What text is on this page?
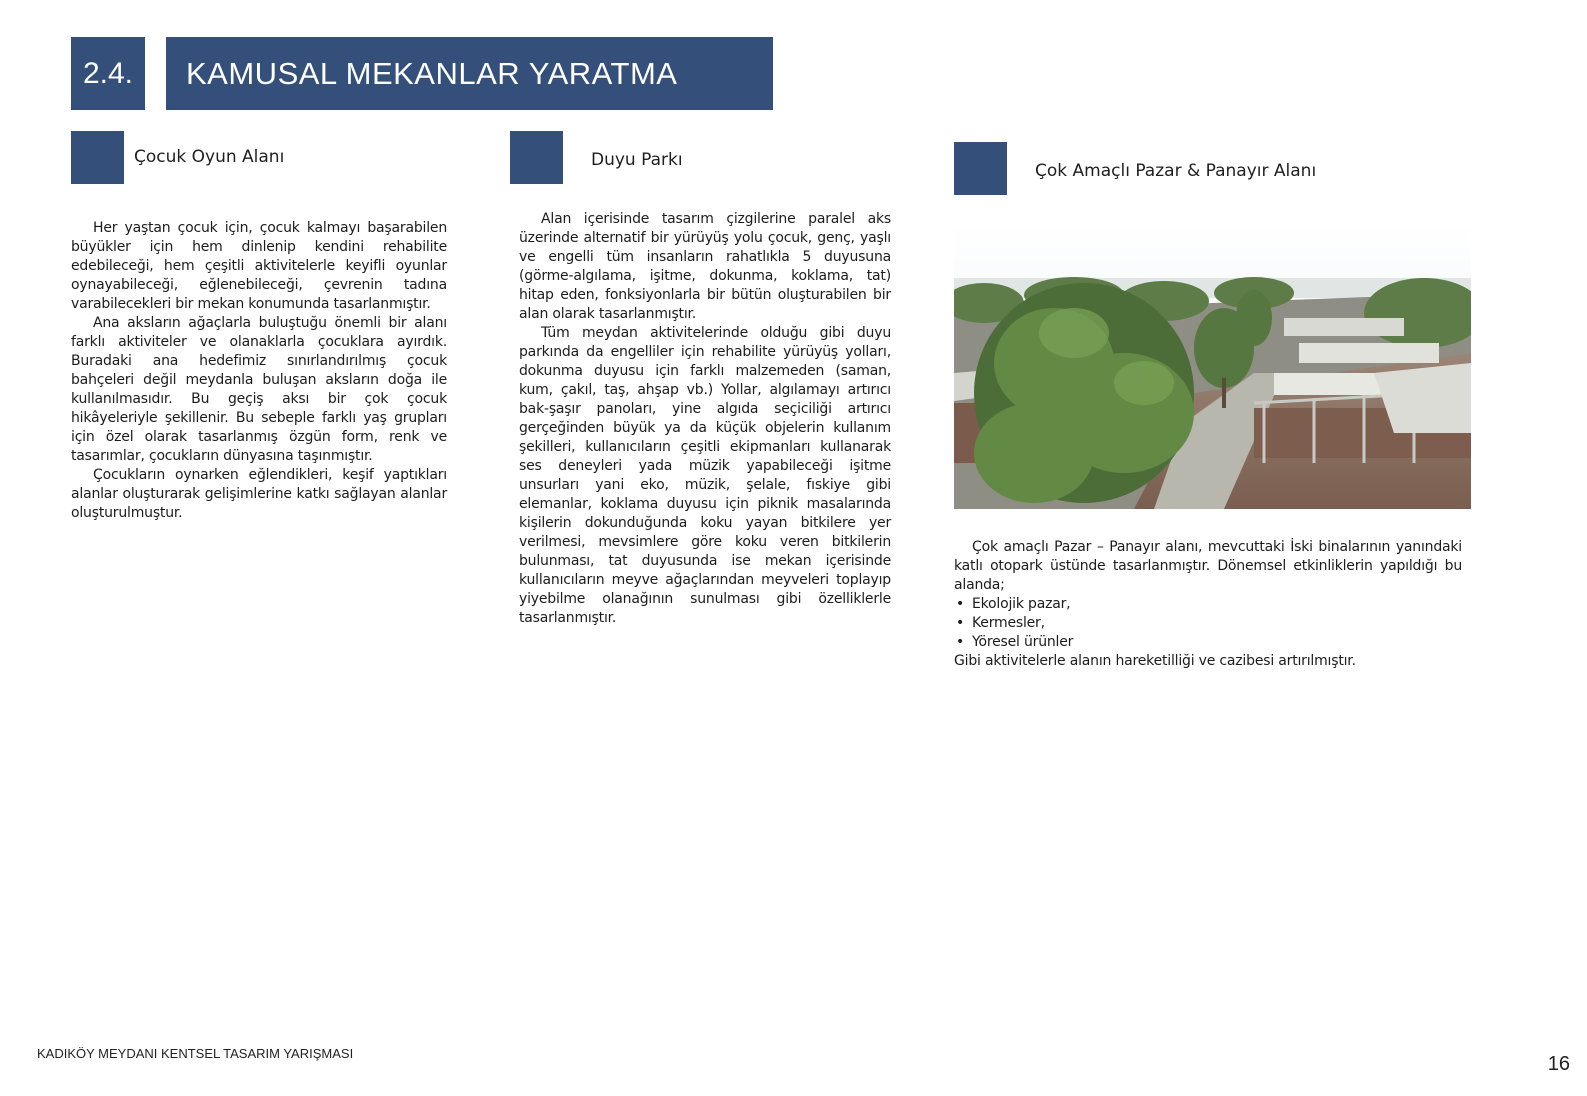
2.4. KAMUSAL MEKANLAR YARATMA
Çocuk Oyun Alanı

Her yaştan çocuk için, çocuk kalmayı başarabilen büyükler için hem dinlenip kendini rehabilite edebileceği, hem çeşitli aktivitelerle keyifli oyunlar oynayabileceği, eğlenebileceği, çevrenin tadına varabilecekleri bir mekan konumunda tasarlanmıştır.

Ana aksların ağaçlarla buluştuğu önemli bir alanı farklı aktiviteler ve olanaklarla çocuklara ayırdık. Buradaki ana hedefimiz sınırlandırılmış çocuk bahçeleri değil meydanla buluşan aksların doğa ile kullanılmasıdır. Bu geçiş aksı bir çok çocuk hikâyeleriyle şekillenir. Bu sebeple farklı yaş grupları için özel olarak tasarlanmış özgün form, renk ve tasarımlar, çocukların dünyasına taşınmıştır.

Çocukların oynarken eğlendikleri, keşif yaptıkları alanlar oluşturarak gelişimlerine katkı sağlayan alanlar oluşturulmuştur.

Duyu Parkı

Alan içerisinde tasarım çizgilerine paralel aks üzerinde alternatif bir yürüyüş yolu çocuk, genç, yaşlı ve engelli tüm insanların rahatlıkla 5 duyusuna (görme-algılama, işitme, dokunma, koklama, tat) hitap eden, fonksiyonlarla bir bütün oluşturabilen bir alan olarak tasarlanmıştır.

Tüm meydan aktivitelerinde olduğu gibi duyu parkında da engelliler için rehabilite yürüyüş yolları, dokunma duyusu için farklı malzemeden (saman, kum, çakıl, taş, ahşap vb.) Yollar, algılamayı artırıcı bak-şaşır panoları, yine algıda seçiciliği artırıcı gerçeğinden büyük ya da küçük objelerin kullanım şekilleri, kullanıcıların çeşitli ekipmanları kullanarak ses deneyleri yada müzik yapabileceği işitme unsurları yani eko, müzik, şelale, fıskiye gibi elemanlar, koklama duyusu için piknik masalarında kişilerin dokunduğunda koku yayan bitkilere yer verilmesi, mevsimlere göre koku veren bitkilerin bulunması, tat duyusunda ise mekan içerisinde kullanıcıların meyve ağaçlarından meyveleri toplayıp yiyebilme olanağının sunulması gibi özelliklerle tasarlanmıştır.

Çok Amaçlı Pazar & Panayır Alanı

Çok amaçlı Pazar – Panayır alanı, mevcuttaki İski binalarının yanındaki katlı otopark üstünde tasarlanmıştır. Dönemsel etkinliklerin yapıldığı bu alanda;

• Ekolojik pazar,
• Kermesler,
• Yöresel ürünler

Gibi aktivitelerle alanın hareketilliği ve cazibesi artırılmıştır.

KADIKÖY MEYDANI KENTSEL TASARIM YARIŞMASI	16
